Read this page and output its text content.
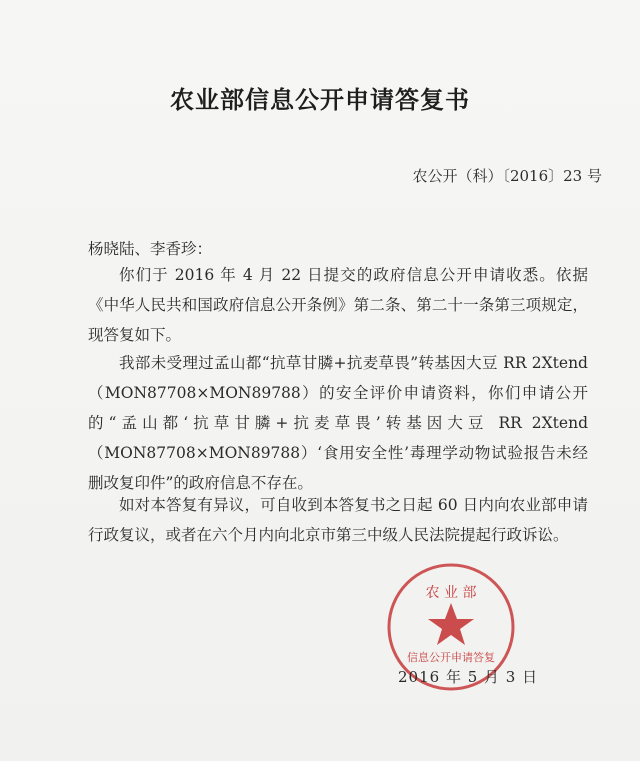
农业部信息公开申请答复书
农公开（科）〔2016〕23 号
杨晓陆、李香珍：
你们于 2016 年 4 月 22 日提交的政府信息公开申请收悉。依据《中华人民共和国政府信息公开条例》第二条、第二十一条第三项规定，现答复如下。
我部未受理过孟山都“抗草甘膦+抗麦草畏”转基因大豆 RR 2Xtend（MON87708×MON89788）的安全评价申请资料，你们申请公开的“孟山都‘抗草甘膦+抗麦草畏’转基因大豆 RR 2Xtend（MON87708×MON89788）‘食用安全性’毒理学动物试验报告未经删改复印件”的政府信息不存在。
如对本答复有异议，可自收到本答复书之日起 60 日内向农业部申请行政复议，或者在六个月内向北京市第三中级人民法院提起行政诉讼。
农 业 部
信息公开申请答复
2016 年 5 月 3 日
